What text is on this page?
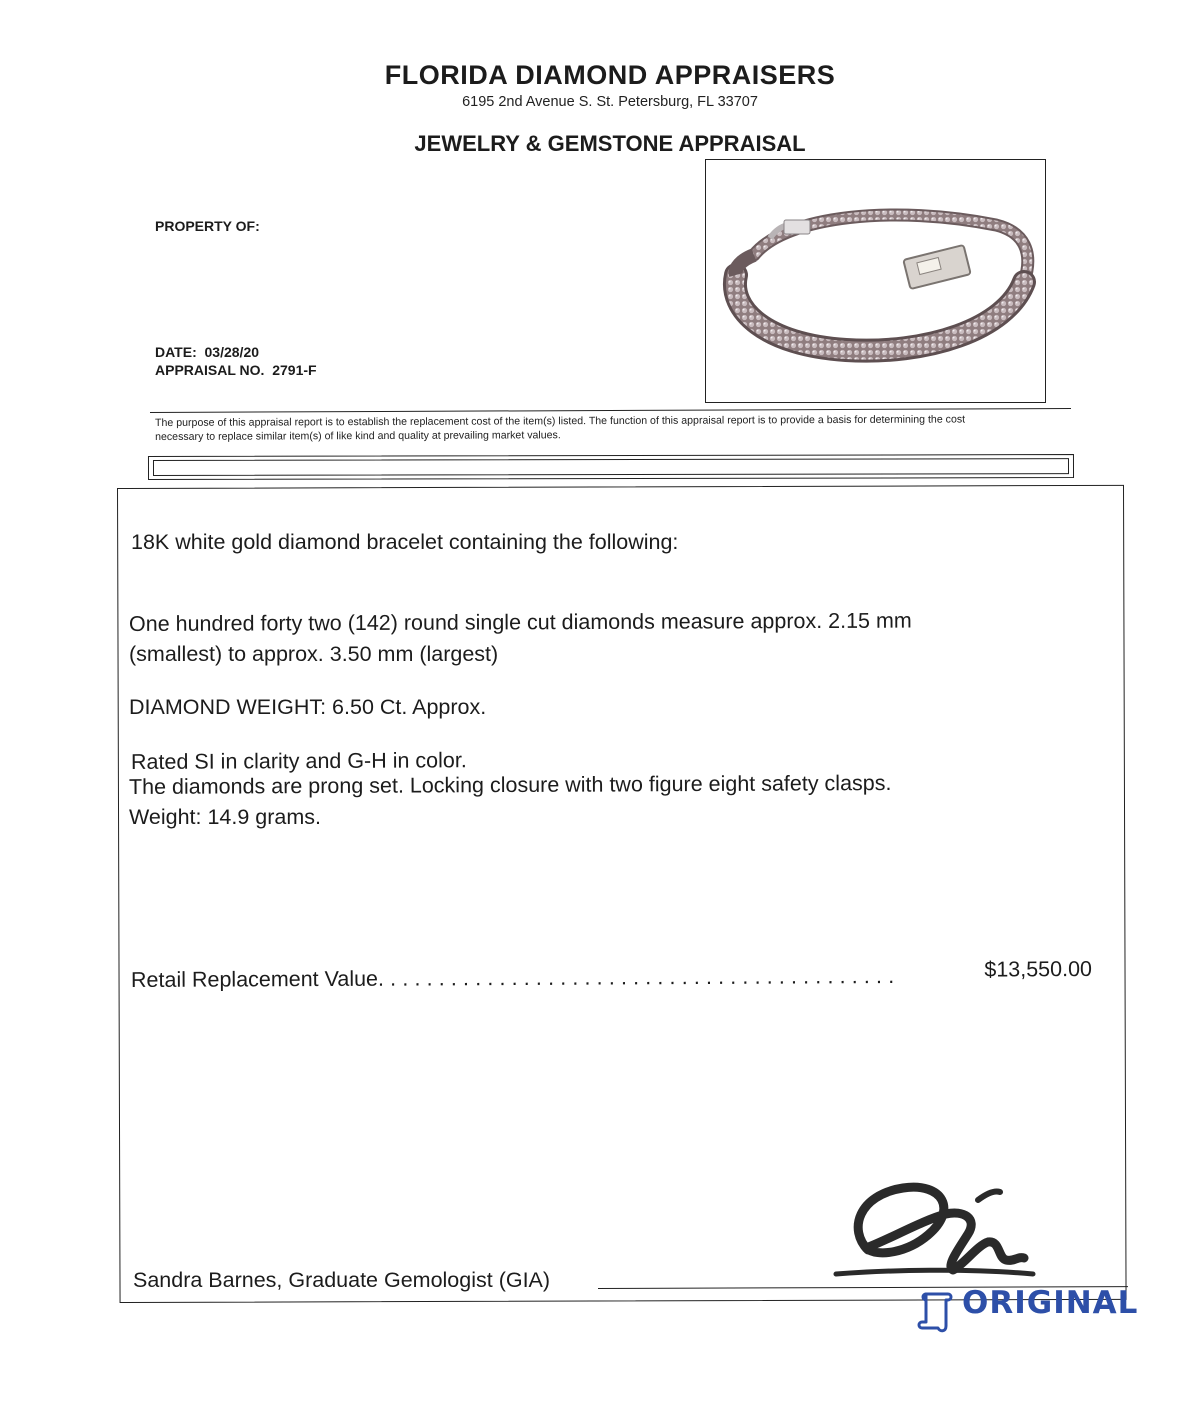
FLORIDA DIAMOND APPRAISERS
6195 2nd Avenue S. St. Petersburg, FL 33707
JEWELRY & GEMSTONE APPRAISAL
PROPERTY OF:
DATE: 03/28/20
APPRAISAL NO. 2791-F
The purpose of this appraisal report is to establish the replacement cost of the item(s) listed. The function of this appraisal report is to provide a basis for determining the cost
necessary to replace similar item(s) of like kind and quality at prevailing market values.
18K white gold diamond bracelet containing the following:
One hundred forty two (142) round single cut diamonds measure approx. 2.15 mm
(smallest) to approx. 3.50 mm (largest)
DIAMOND WEIGHT: 6.50 Ct. Approx.
Rated SI in clarity and G-H in color.
The diamonds are prong set. Locking closure with two figure eight safety clasps.
Weight: 14.9 grams.
Retail Replacement Value. . . . . . . . . . . . . . . . . . . . . . . . . . . . . . . . . . . . . . . . . . .	$13,550.00
Sandra Barnes, Graduate Gemologist (GIA)
ORIGINAL
